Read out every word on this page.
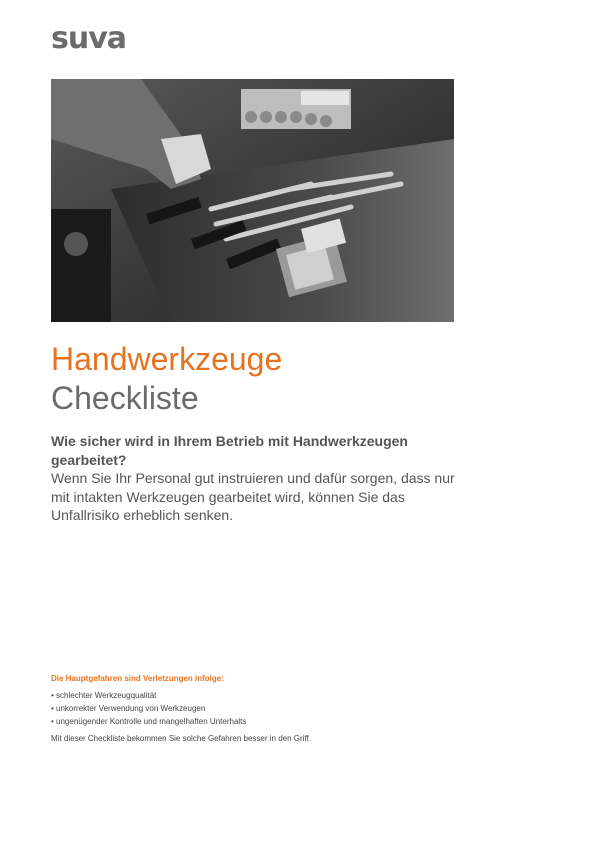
suva
Handwerkzeuge
Checkliste
Wie sicher wird in Ihrem Betrieb mit Handwerkzeugen gearbeitet?
Wenn Sie Ihr Personal gut instruieren und dafür sorgen, dass nur mit intakten Werkzeugen gearbeitet wird, können Sie das Unfallrisiko erheblich senken.
Die Hauptgefahren sind Verletzungen infolge:
• schlechter Werkzeugqualität
• unkorrekter Verwendung von Werkzeugen
• ungenügender Kontrolle und mangelhaften Unterhalts
Mit dieser Checkliste bekommen Sie solche Gefahren besser in den Griff.
